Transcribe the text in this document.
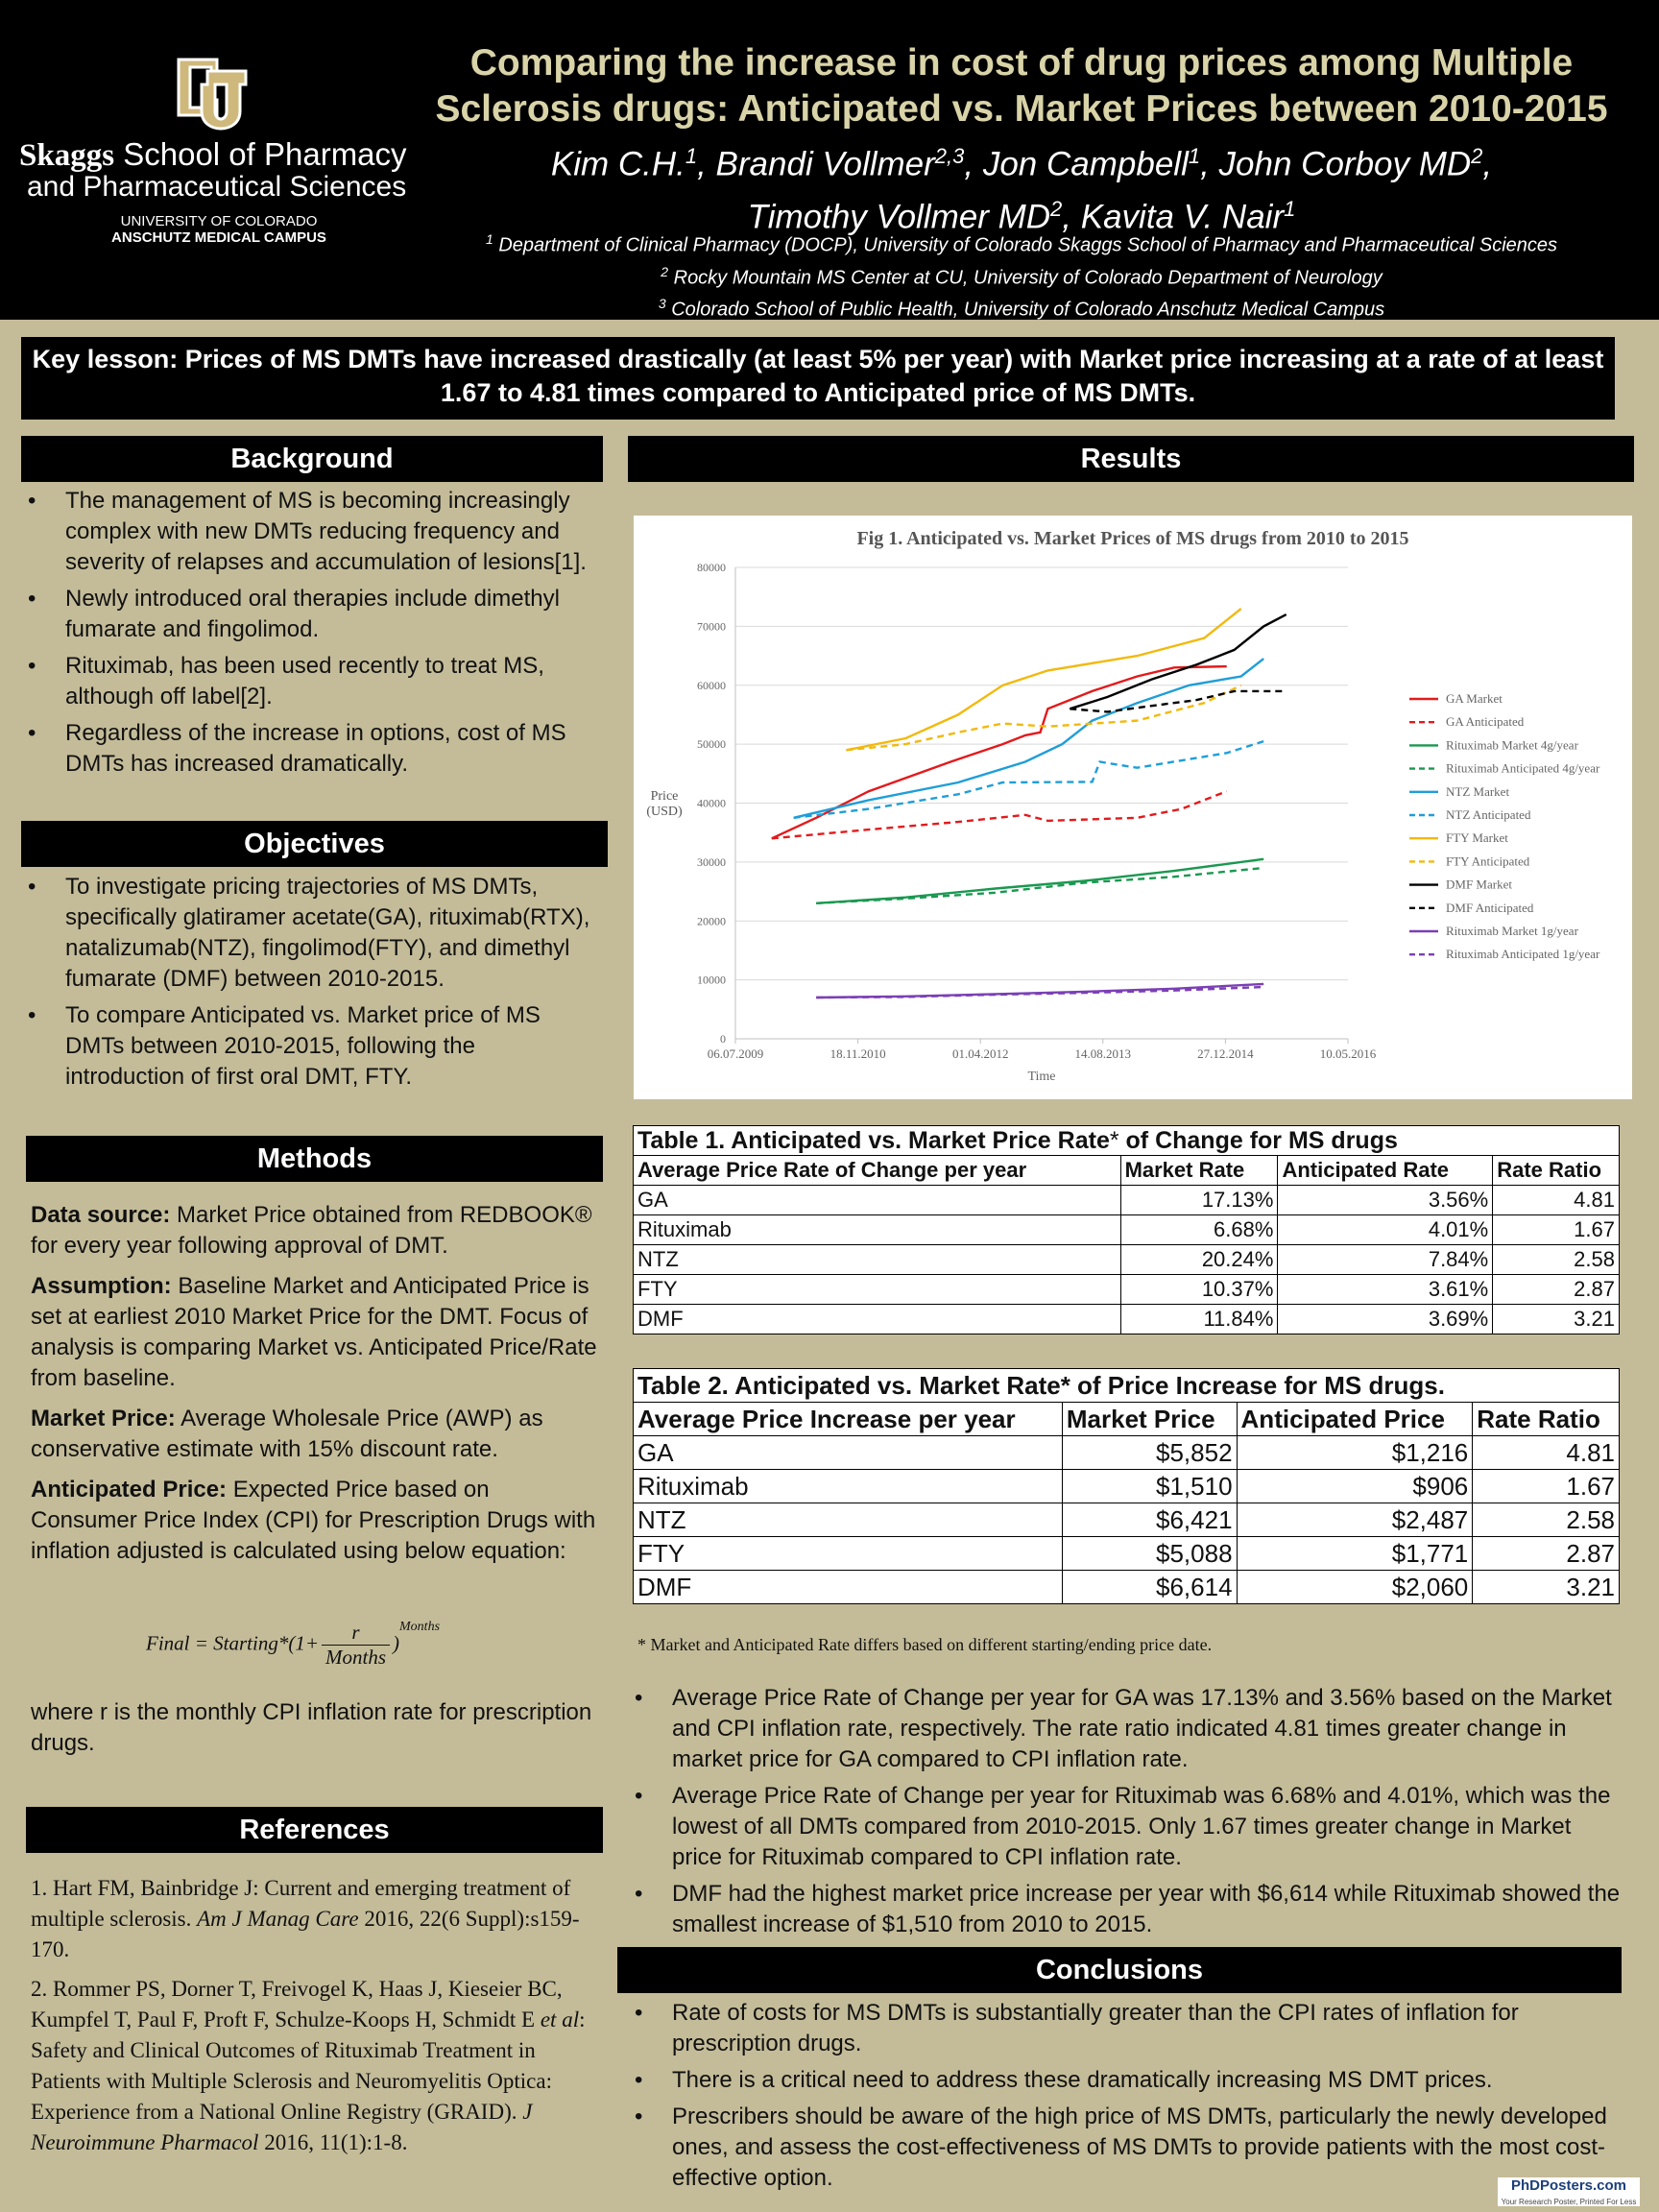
Skaggs School of Pharmacy
and Pharmaceutical Sciences
UNIVERSITY OF COLORADO
ANSCHUTZ MEDICAL CAMPUS
Comparing the increase in cost of drug prices among Multiple
Sclerosis drugs: Anticipated vs. Market Prices between 2010-2015
Kim C.H.$^1$, Brandi Vollmer$^{2,3}$, Jon Campbell$^1$, John Corboy $MD^2$,
Timothy Vollmer $MD^2$, Kavita V. Nair$^1$
$^1$ Department of Clinical Pharmacy (DOCP), University of Colorado Skaggs School of Pharmacy and Pharmaceutical Sciences
$^2$ Rocky Mountain MS Center at CU, University of Colorado Department of Neurology
$^3$ Colorado School of Public Health, University of Colorado Anschutz Medical Campus
Key lesson: Prices of MS DMTs have increased drastically (at least 5% per year) with Market price increasing at a rate of at least 1.67 to 4.81 times compared to Anticipated price of MS DMTs.
Background
• The management of MS is becoming increasingly complex with new DMTs reducing frequency and severity of relapses and accumulation of lesions[1].
• Newly introduced oral therapies include dimethyl fumarate and fingolimod.
• Rituximab, has been used recently to treat MS, although off label[2].
• Regardless of the increase in options, cost of MS DMTs has increased dramatically.
Objectives
• To investigate pricing trajectories of MS DMTs, specifically glatiramer acetate(GA), rituximab(RTX), natalizumab(NTZ), fingolimod(FTY), and dimethyl fumarate (DMF) between 2010-2015.
• To compare Anticipated vs. Market price of MS DMTs between 2010-2015, following the introduction of first oral DMT, FTY.
Methods

Data source: Market Price obtained from REDBOOK® for every year following approval of DMT.

Assumption: Baseline Market and Anticipated Price is set at earliest 2010 Market Price for the DMT. Focus of analysis is comparing Market vs. Anticipated Price/Rate from baseline.

Market Price: Average Wholesale Price (AWP) as conservative estimate with 15% discount rate.

Anticipated Price: Expected Price based on Consumer Price Index (CPI) for Prescription Drugs with inflation adjusted is calculated using below equation:

Final = Starting*(1+	r
Months
)$^{Months}$

where r is the monthly CPI inflation rate for prescription drugs.

References

1. Hart FM, Bainbridge J: Current and emerging treatment of multiple sclerosis. Am J Manag Care 2016, 22(6 Suppl):s159-170.

2. Rommer PS, Dorner T, Freivogel K, Haas J, Kieseier BC, Kumpfel T, Paul F, Proft F, Schulze-Koops H, Schmidt E et al: Safety and Clinical Outcomes of Rituximab Treatment in Patients with Multiple Sclerosis and Neuromyelitis Optica: Experience from a National Online Registry (GRAID). J Neuroimmune Pharmacol 2016, 11(1):1-8.

Results
Fig 1. Anticipated vs. Market Prices of MS drugs from 2010 to 2015
0
10000
20000
30000
40000
50000
60000
70000
80000
06.07.2009	18.11.2010	01.04.2012	14.08.2013	27.12.2014	10.05.2016
Time
Price
(USD)
GA Market
GA Anticipated
Rituximab Market 4g/year
Rituximab Anticipated 4g/year
NTZ Market
NTZ Anticipated
FTY Market
FTY Anticipated
DMF Market
DMF Anticipated
Rituximab Market 1g/year
Rituximab Anticipated 1g/year
Table 1. Anticipated vs. Market Price Rate* of Change for MS drugs			
Average Price Rate of Change per year	Market Rate	Anticipated Rate	Rate Ratio
GA	17.13%	3.56%	4.81
Rituximab	6.68%	4.01%	1.67
NTZ	20.24%	7.84%	2.58
FTY	10.37%	3.61%	2.87
DMF	11.84%	3.69%	3.21
Table 2. Anticipated vs. Market Rate* of Price Increase for MS drugs.			
Average Price Increase per year	Market Price	Anticipated Price	Rate Ratio
GA	$5,852	$1,216	4.81
Rituximab	$1,510	$906	1.67
NTZ	$6,421	$2,487	2.58
FTY	$5,088	$1,771	2.87
DMF	$6,614	$2,060	3.21
* Market and Anticipated Rate differs based on different starting/ending price date.
• Average Price Rate of Change per year for GA was 17.13% and 3.56% based on the Market and CPI inflation rate, respectively. The rate ratio indicated 4.81 times greater change in market price for GA compared to CPI inflation rate.
• Average Price Rate of Change per year for Rituximab was 6.68% and 4.01%, which was the lowest of all DMTs compared from 2010-2015. Only 1.67 times greater change in Market price for Rituximab compared to CPI inflation rate.
• DMF had the highest market price increase per year with $6,614 while Rituximab showed the smallest increase of $1,510 from 2010 to 2015.
Conclusions
• Rate of costs for MS DMTs is substantially greater than the CPI rates of inflation for prescription drugs.
• There is a critical need to address these dramatically increasing MS DMT prices.
• Prescribers should be aware of the high price of MS DMTs, particularly the newly developed ones, and assess the cost-effectiveness of MS DMTs to provide patients with the most cost-effective option.	PhDPosters.com
Your Research Poster, Printed For Less
